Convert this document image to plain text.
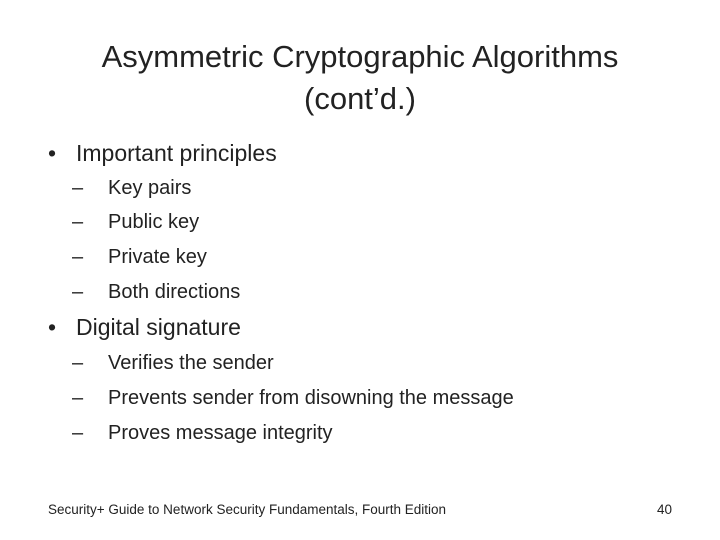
Asymmetric Cryptographic Algorithms
(cont’d.)
• Important principles
– Key pairs
– Public key
– Private key
– Both directions
• Digital signature
– Verifies the sender
– Prevents sender from disowning the message
– Proves message integrity
Security+ Guide to Network Security Fundamentals, Fourth Edition	40
